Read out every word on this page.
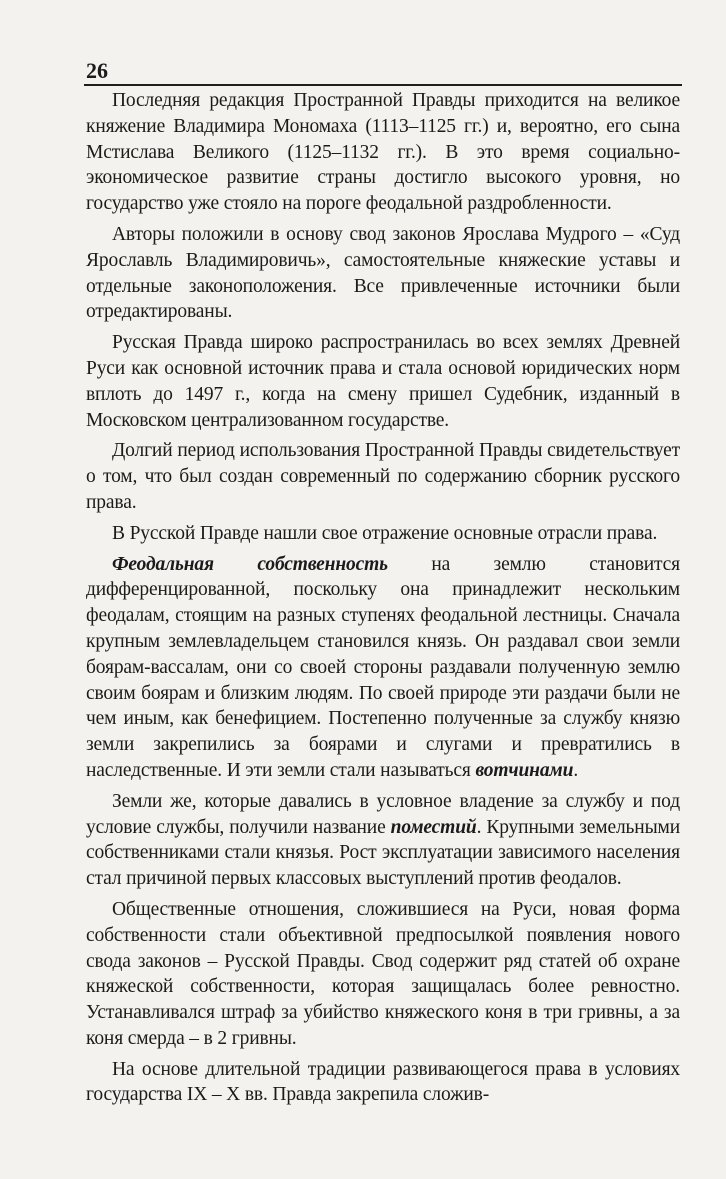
26

Последняя редакция Пространной Правды приходится на великое княжение Владимира Мономаха (1113–1125 гг.) и, вероятно, его сына Мстислава Великого (1125–1132 гг.). В это время социально-экономическое развитие страны достигло высокого уровня, но государство уже стояло на пороге феодальной раздробленности.

Авторы положили в основу свод законов Ярослава Мудрого – «Суд Ярославль Владимировичь», самостоятельные княжеские уставы и отдельные законоположения. Все привлеченные источники были отредактированы.

Русская Правда широко распространилась во всех землях Древней Руси как основной источник права и стала основой юридических норм вплоть до 1497 г., когда на смену пришел Судебник, изданный в Московском централизованном государстве.

Долгий период использования Пространной Правды свидетельствует о том, что был создан современный по содержанию сборник русского права.

В Русской Правде нашли свое отражение основные отрасли права.

Феодальная собственность на землю становится дифференцированной, поскольку она принадлежит нескольким феодалам, стоящим на разных ступенях феодальной лестницы. Сначала крупным землевладельцем становился князь. Он раздавал свои земли боярам-вассалам, они со своей стороны раздавали полученную землю своим боярам и близким людям. По своей природе эти раздачи были не чем иным, как бенефицием. Постепенно полученные за службу князю земли закрепились за боярами и слугами и превратились в наследственные. И эти земли стали называться вотчинами.

Земли же, которые давались в условное владение за службу и под условие службы, получили название поместий. Крупными земельными собственниками стали князья. Рост эксплуатации зависимого населения стал причиной первых классовых выступлений против феодалов.

Общественные отношения, сложившиеся на Руси, новая форма собственности стали объективной предпосылкой появления нового свода законов – Русской Правды. Свод содержит ряд статей об охране княжеской собственности, которая защищалась более ревностно. Устанавливался штраф за убийство княжеского коня в три гривны, а за коня смерда – в 2 гривны.

На основе длительной традиции развивающегося права в условиях государства IX – X вв. Правда закрепила сложив-
